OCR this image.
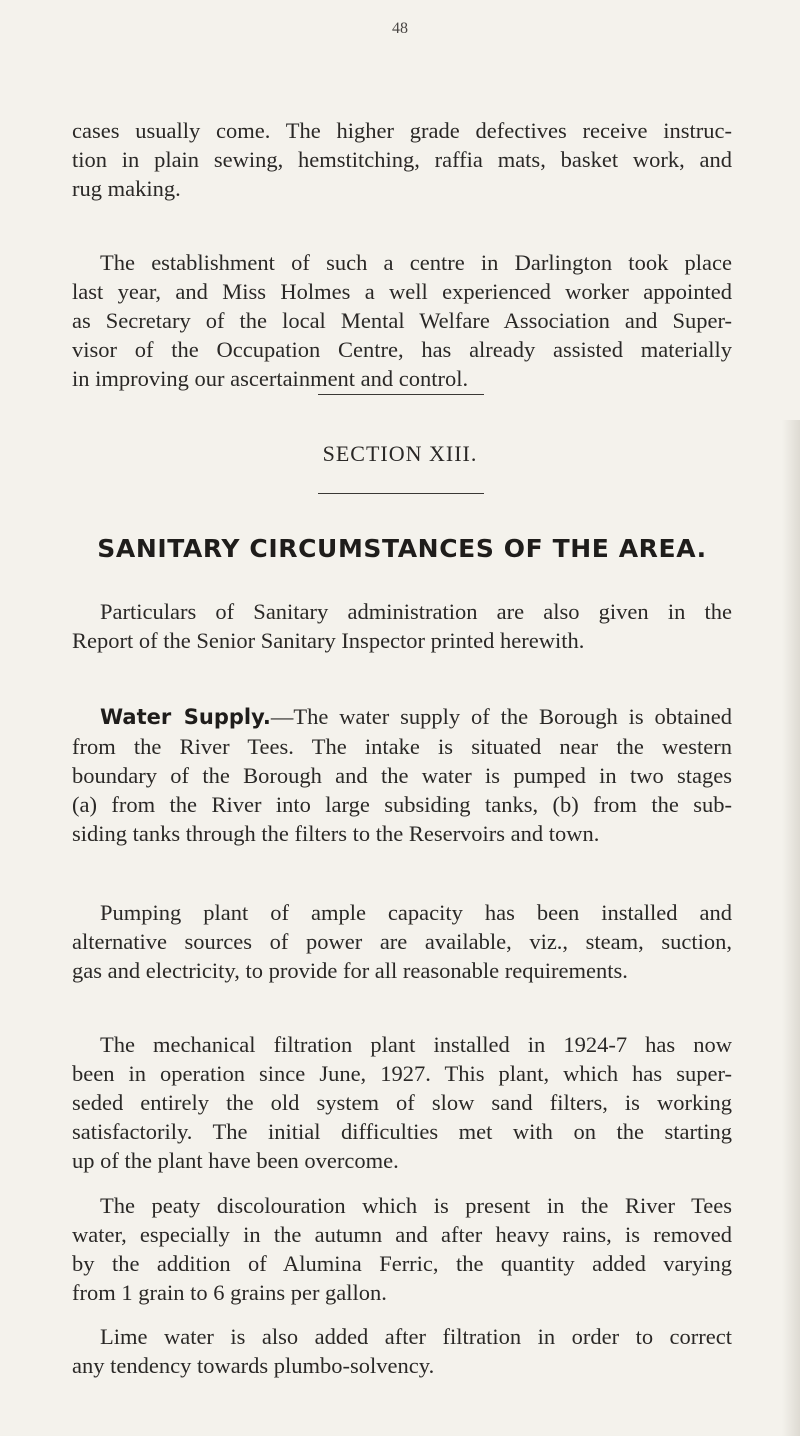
48

cases usually come. The higher grade defectives receive instruc-
tion in plain sewing, hemstitching, raffia mats, basket work, and
rug making.

The establishment of such a centre in Darlington took place
last year, and Miss Holmes a well experienced worker appointed
as Secretary of the local Mental Welfare Association and Super-
visor of the Occupation Centre, has already assisted materially
in improving our ascertainment and control.

SECTION XIII.
SANITARY CIRCUMSTANCES OF THE AREA.

Particulars of Sanitary administration are also given in the
Report of the Senior Sanitary Inspector printed herewith.

Water Supply.—The water supply of the Borough is obtained
from the River Tees. The intake is situated near the western
boundary of the Borough and the water is pumped in two stages
(a) from the River into large subsiding tanks, (b) from the sub-
siding tanks through the filters to the Reservoirs and town.

Pumping plant of ample capacity has been installed and
alternative sources of power are available, viz., steam, suction,
gas and electricity, to provide for all reasonable requirements.

The mechanical filtration plant installed in 1924-7 has now
been in operation since June, 1927. This plant, which has super-
seded entirely the old system of slow sand filters, is working
satisfactorily. The initial difficulties met with on the starting
up of the plant have been overcome.

The peaty discolouration which is present in the River Tees
water, especially in the autumn and after heavy rains, is removed
by the addition of Alumina Ferric, the quantity added varying
from 1 grain to 6 grains per gallon.

Lime water is also added after filtration in order to correct
any tendency towards plumbo-solvency.
